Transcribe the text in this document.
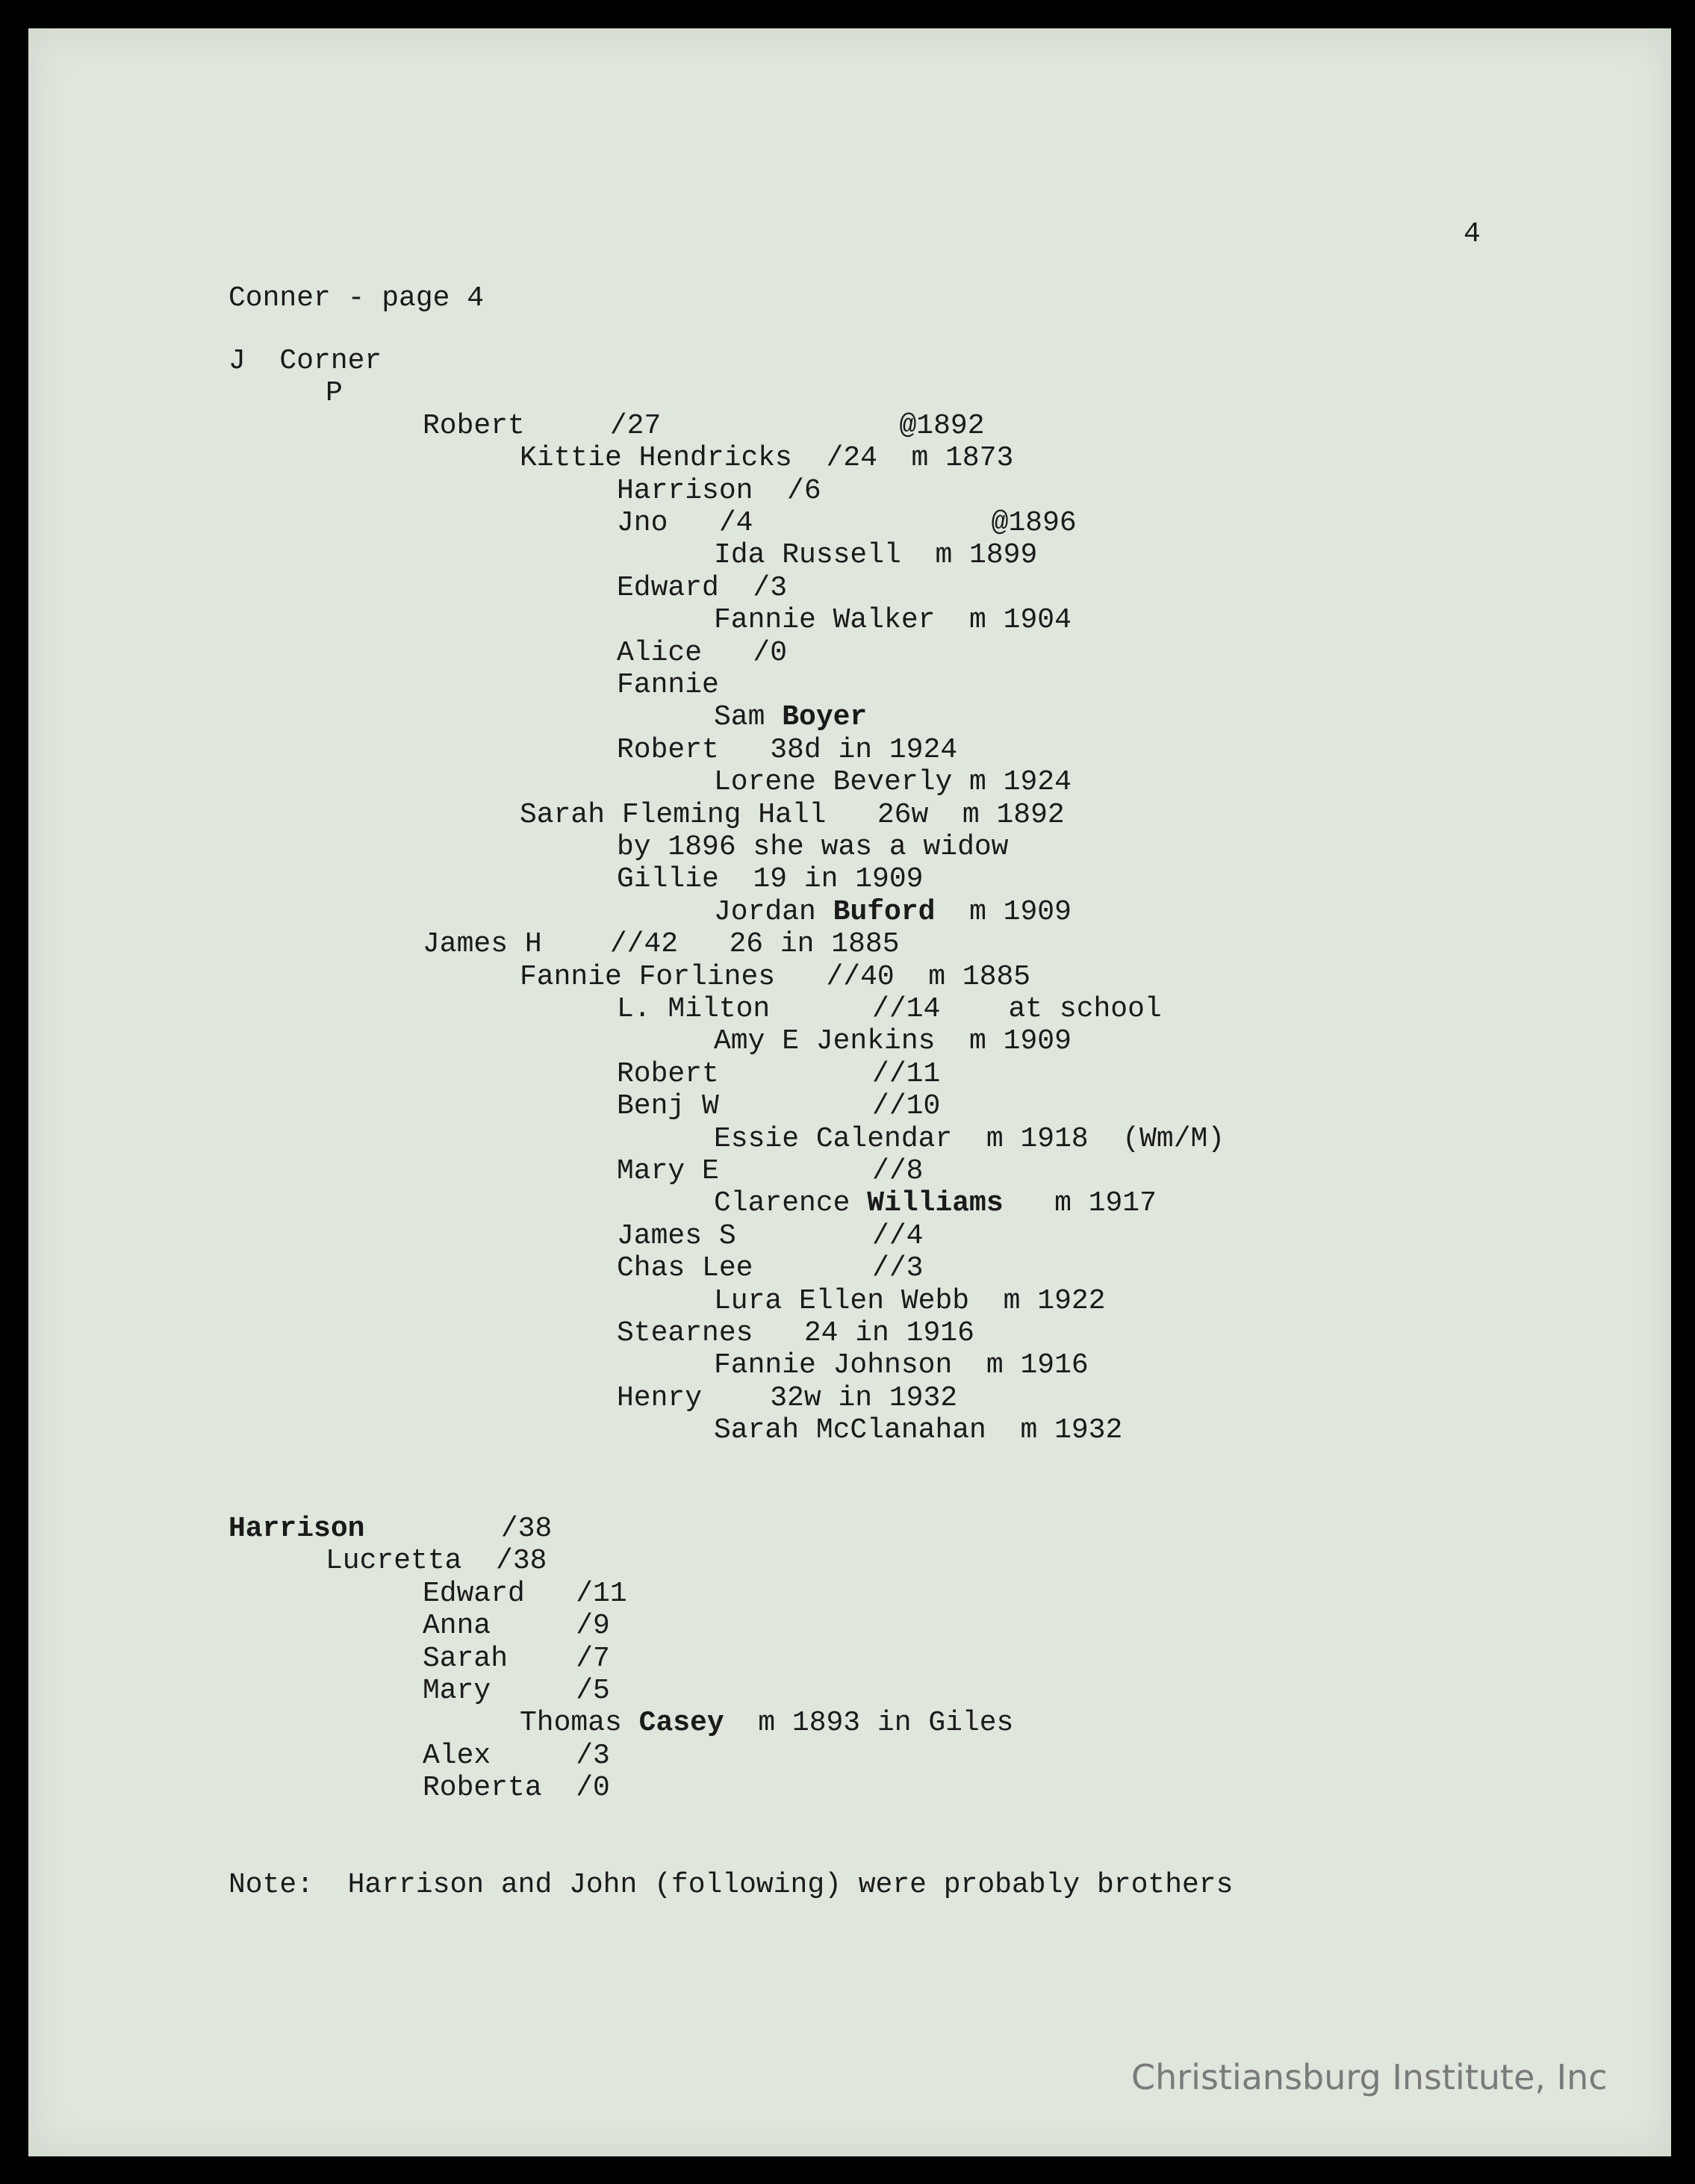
4
Conner - page 4
J  Corner
P
Robert     /27              @1892
Kittie Hendricks  /24  m 1873
Harrison  /6
Jno   /4              @1896
Ida Russell  m 1899
Edward  /3
Fannie Walker  m 1904
Alice   /0
Fannie
Sam Boyer
Robert   38d in 1924
Lorene Beverly m 1924
Sarah Fleming Hall   26w  m 1892
by 1896 she was a widow
Gillie  19 in 1909
Jordan Buford  m 1909
James H    //42   26 in 1885
Fannie Forlines   //40  m 1885
L. Milton      //14    at school
Amy E Jenkins  m 1909
Robert         //11
Benj W         //10
Essie Calendar  m 1918  (Wm/M)
Mary E         //8
Clarence Williams   m 1917
James S        //4
Chas Lee       //3
Lura Ellen Webb  m 1922
Stearnes   24 in 1916
Fannie Johnson  m 1916
Henry    32w in 1932
Sarah McClanahan  m 1932
Harrison        /38
Lucretta  /38
Edward   /11
Anna     /9
Sarah    /7
Mary     /5
Thomas Casey  m 1893 in Giles
Alex     /3
Roberta  /0
Note:  Harrison and John (following) were probably brothers
Christiansburg Institute, Inc
